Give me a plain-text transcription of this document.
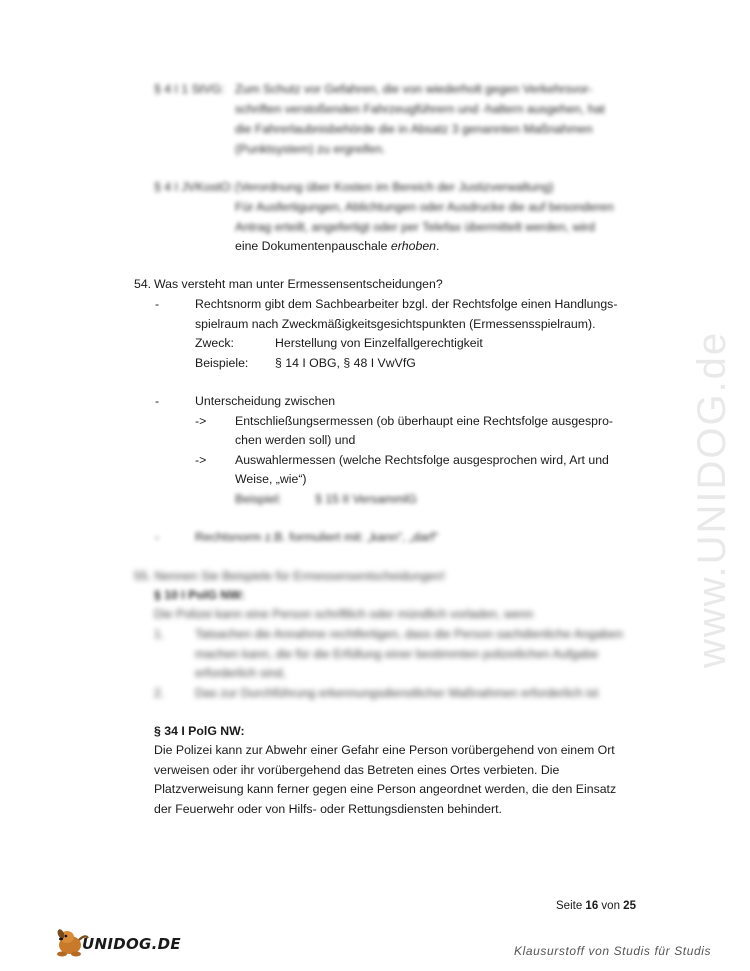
www.UNIDOG.de
§ 4 I 1 StVG: Zum Schutz vor Gefahren, die von wiederholt gegen Verkehrsvor-
schriften verstoßenden Fahrzeugführern und -haltern ausgehen, hat
die Fahrerlaubnisbehörde die in Absatz 3 genannten Maßnahmen
(Punktsystem) zu ergreifen.
§ 4 I JVKostO: (Verordnung über Kosten im Bereich der Justizverwaltung)
Für Ausfertigungen, Ablichtungen oder Ausdrucke die auf besonderen
Antrag erteilt, angefertigt oder per Telefax übermittelt werden, wird
eine Dokumentenpauschale erhoben.
54. Was versteht man unter Ermessensentscheidungen?
-	Rechtsnorm gibt dem Sachbearbeiter bzgl. der Rechtsfolge einen Handlungs-
spielraum nach Zweckmäßigkeitsgesichtspunkten (Ermessensspielraum).
Zweck:	Herstellung von Einzelfallgerechtigkeit
Beispiele: § 14 I OBG, § 48 I VwVfG
-	Unterscheidung zwischen
-> Entschließungsermessen (ob überhaupt eine Rechtsfolge ausgespro-
chen werden soll) und
-> Auswahlermessen (welche Rechtsfolge ausgesprochen wird, Art und
Weise, „wie“)
Beispiel:	§ 15 II VersammlG
-	Rechtsnorm z.B. formuliert mit: „kann“, „darf“
55. Nennen Sie Beispiele für Ermessensentscheidungen!
§ 10 I PolG NW:
Die Polizei kann eine Person schriftlich oder mündlich vorladen, wenn
1. Tatsachen die Annahme rechtfertigen, dass die Person sachdienliche Angaben
machen kann, die für die Erfüllung einer bestimmten polizeilichen Aufgabe
erforderlich sind,
2. Das zur Durchführung erkennungsdienstlicher Maßnahmen erforderlich ist
§ 34 I PolG NW:
Die Polizei kann zur Abwehr einer Gefahr eine Person vorübergehend von einem Ort
verweisen oder ihr vorübergehend das Betreten eines Ortes verbieten. Die
Platzverweisung kann ferner gegen eine Person angeordnet werden, die den Einsatz
der Feuerwehr oder von Hilfs- oder Rettungsdiensten behindert.
Seite 16 von 25
UNIDOG.DE	Klausurstoff von Studis für Studis
